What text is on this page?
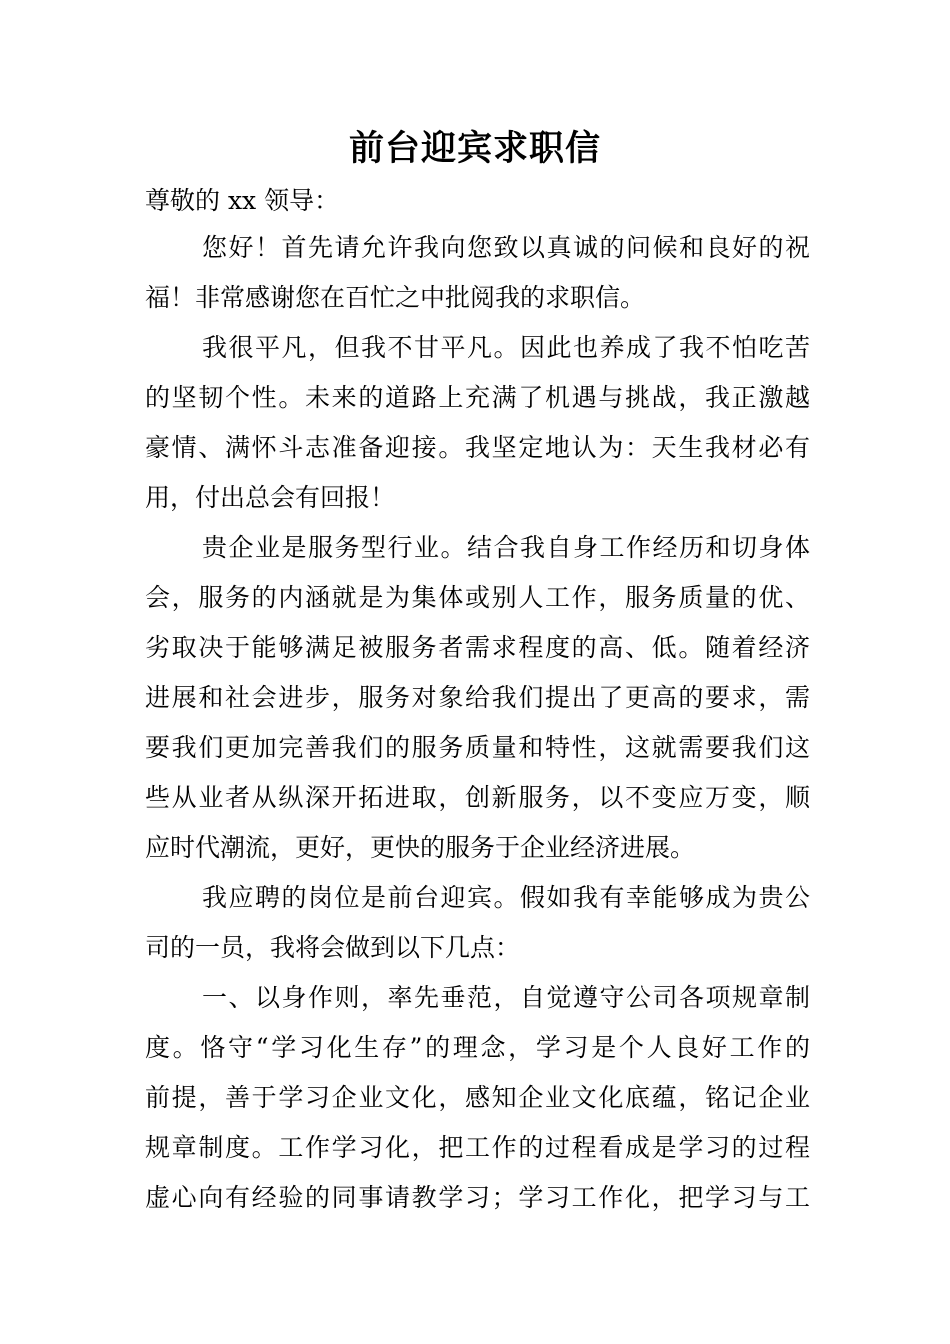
前台迎宾求职信
尊敬的 xx 领导：
您好！首先请允许我向您致以真诚的问候和良好的祝
福！非常感谢您在百忙之中批阅我的求职信。
我很平凡，但我不甘平凡。因此也养成了我不怕吃苦
的坚韧个性。未来的道路上充满了机遇与挑战，我正激越
豪情、满怀斗志准备迎接。我坚定地认为：天生我材必有
用，付出总会有回报！
贵企业是服务型行业。结合我自身工作经历和切身体
会，服务的内涵就是为集体或别人工作，服务质量的优、
劣取决于能够满足被服务者需求程度的高、低。随着经济
进展和社会进步，服务对象给我们提出了更高的要求，需
要我们更加完善我们的服务质量和特性，这就需要我们这
些从业者从纵深开拓进取，创新服务，以不变应万变，顺
应时代潮流，更好，更快的服务于企业经济进展。
我应聘的岗位是前台迎宾。假如我有幸能够成为贵公
司的一员，我将会做到以下几点：
一、以身作则，率先垂范，自觉遵守公司各项规章制
度。恪守“学习化生存”的理念，学习是个人良好工作的
前提，善于学习企业文化，感知企业文化底蕴，铭记企业
规章制度。工作学习化，把工作的过程看成是学习的过程
虚心向有经验的同事请教学习；学习工作化，把学习与工
